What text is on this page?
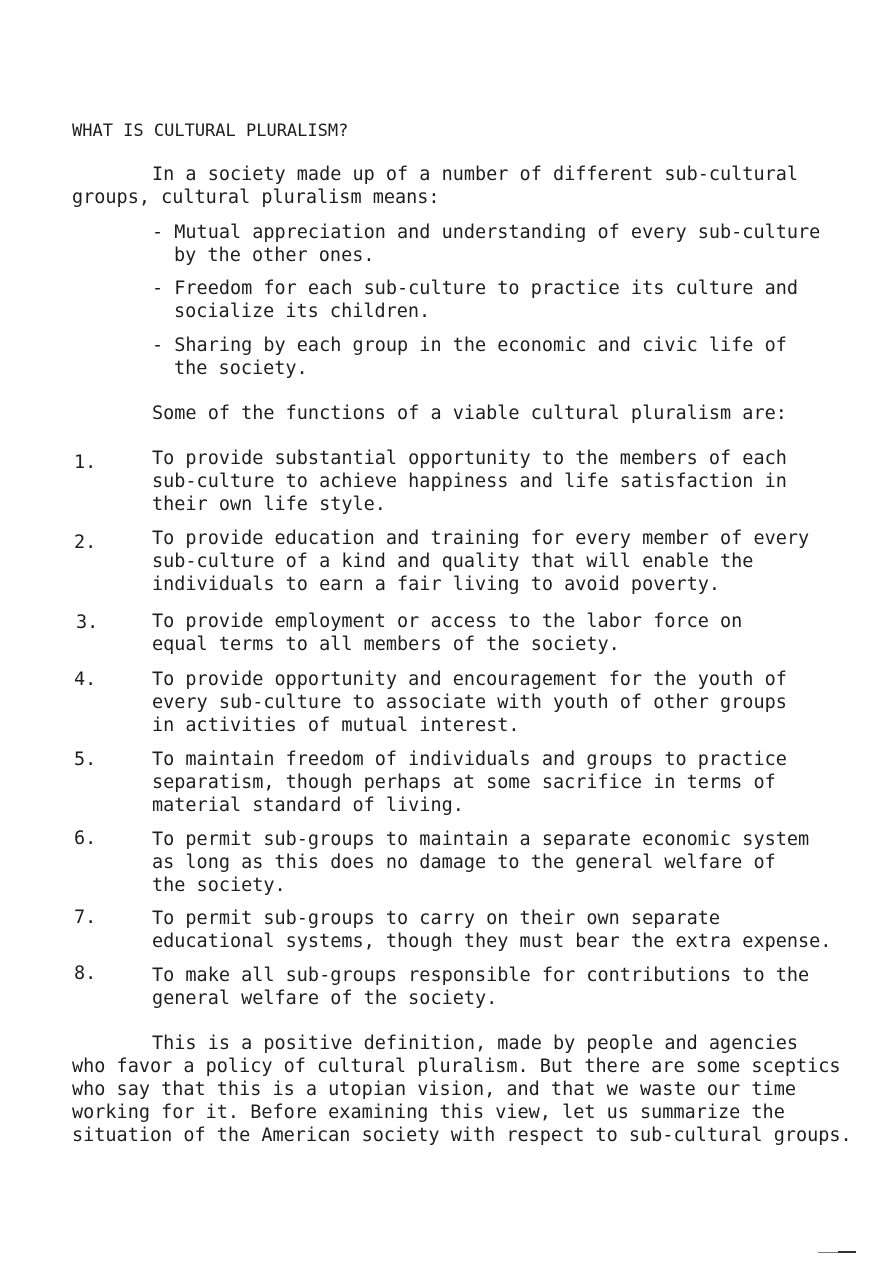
WHAT IS CULTURAL PLURALISM?
In a society made up of a number of different sub-cultural
groups, cultural pluralism means:
- Mutual appreciation and understanding of every sub-culture
by the other ones.
- Freedom for each sub-culture to practice its culture and
socialize its children.
- Sharing by each group in the economic and civic life of
the society.
Some of the functions of a viable cultural pluralism are:
1.	To provide substantial opportunity to the members of each
sub-culture to achieve happiness and life satisfaction in
their own life style.
2.	To provide education and training for every member of every
sub-culture of a kind and quality that will enable the
individuals to earn a fair living to avoid poverty.
3.	To provide employment or access to the labor force on
equal terms to all members of the society.
4.	To provide opportunity and encouragement for the youth of
every sub-culture to associate with youth of other groups
in activities of mutual interest.
5.	To maintain freedom of individuals and groups to practice
separatism, though perhaps at some sacrifice in terms of
material standard of living.
6.	To permit sub-groups to maintain a separate economic system
as long as this does no damage to the general welfare of
the society.
7.	To permit sub-groups to carry on their own separate
educational systems, though they must bear the extra expense.
8.	To make all sub-groups responsible for contributions to the
general welfare of the society.
This is a positive definition, made by people and agencies
who favor a policy of cultural pluralism. But there are some sceptics
who say that this is a utopian vision, and that we waste our time
working for it. Before examining this view, let us summarize the
situation of the American society with respect to sub-cultural groups.
